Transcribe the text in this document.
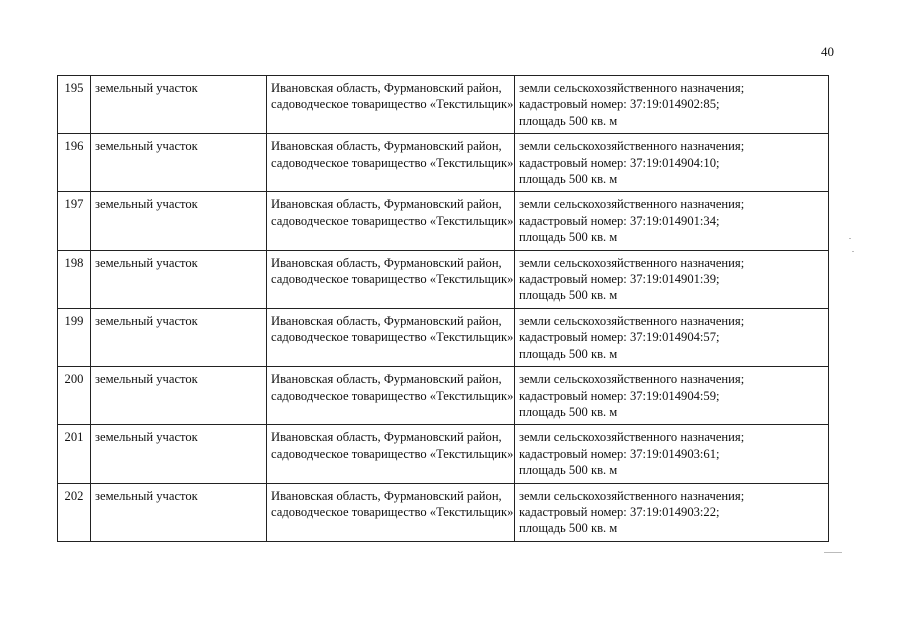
40
195	земельный участок	Ивановская область, Фурмановский район, садоводческое товарищество «Текстильщик»	земли сельскохозяйственного назначения;
кадастровый номер: 37:19:014902:85;
площадь 500 кв. м

196	земельный участок	Ивановская область, Фурмановский район, садоводческое товарищество «Текстильщик»	земли сельскохозяйственного назначения;
кадастровый номер: 37:19:014904:10;
площадь 500 кв. м

197	земельный участок	Ивановская область, Фурмановский район, садоводческое товарищество «Текстильщик»	земли сельскохозяйственного назначения;
кадастровый номер: 37:19:014901:34;
площадь 500 кв. м

198	земельный участок	Ивановская область, Фурмановский район, садоводческое товарищество «Текстильщик»	земли сельскохозяйственного назначения;
кадастровый номер: 37:19:014901:39;
площадь 500 кв. м

199	земельный участок	Ивановская область, Фурмановский район, садоводческое товарищество «Текстильщик»	земли сельскохозяйственного назначения;
кадастровый номер: 37:19:014904:57;
площадь 500 кв. м

200	земельный участок	Ивановская область, Фурмановский район, садоводческое товарищество «Текстильщик»	земли сельскохозяйственного назначения;
кадастровый номер: 37:19:014904:59;
площадь 500 кв. м

201	земельный участок	Ивановская область, Фурмановский район, садоводческое товарищество «Текстильщик»	земли сельскохозяйственного назначения;
кадастровый номер: 37:19:014903:61;
площадь 500 кв. м

202	земельный участок	Ивановская область, Фурмановский район, садоводческое товарищество «Текстильщик»	земли сельскохозяйственного назначения;
кадастровый номер: 37:19:014903:22;
площадь 500 кв. м
